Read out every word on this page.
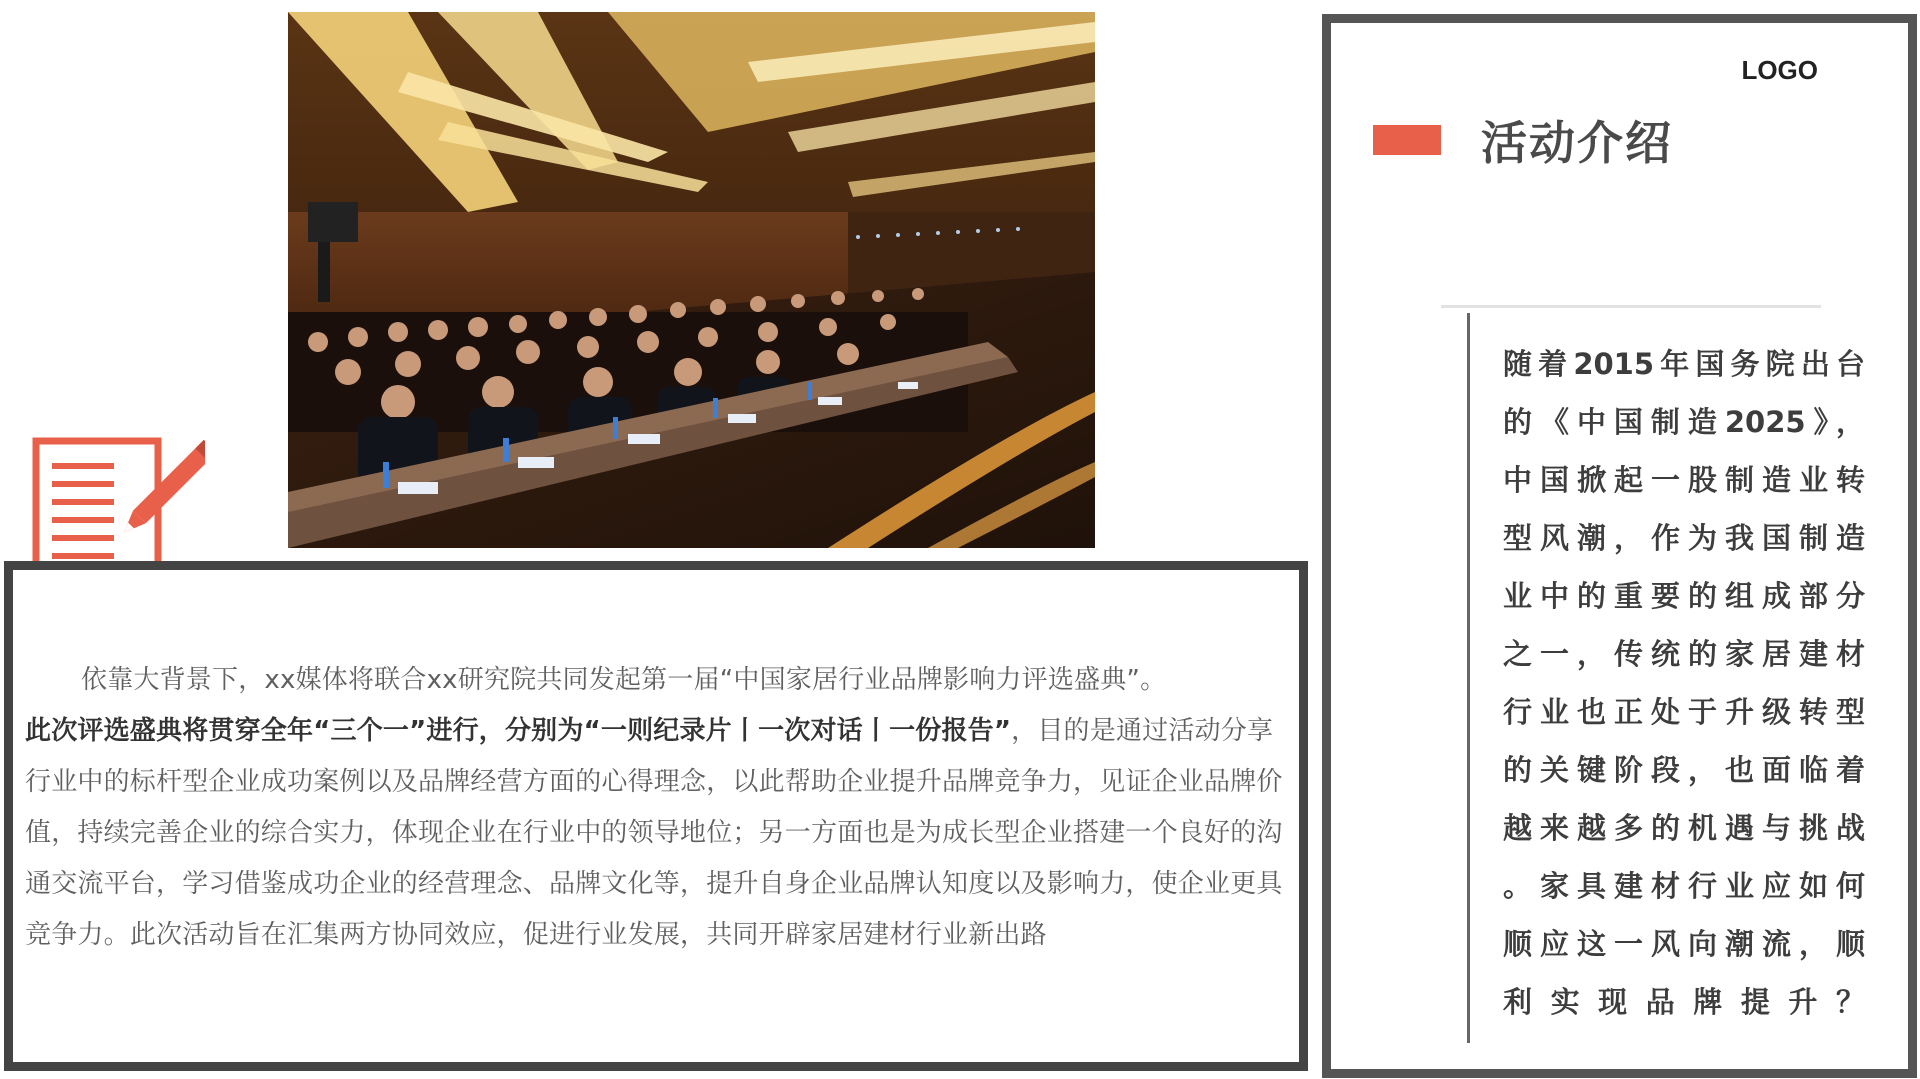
依靠大背景下，xx媒体将联合xx研究院共同发起第一届“中国家居行业品牌影响力评选盛典”。
此次评选盛典将贯穿全年“三个一”进行，分别为“一则纪录片丨一次对话丨一份报告”，目的是通过活动分享行业中的标杆型企业成功案例以及品牌经营方面的心得理念，以此帮助企业提升品牌竞争力，见证企业品牌价值，持续完善企业的综合实力，体现企业在行业中的领导地位；另一方面也是为成长型企业搭建一个良好的沟通交流平台，学习借鉴成功企业的经营理念、品牌文化等，提升自身企业品牌认知度以及影响力，使企业更具竞争力。此次活动旨在汇集两方协同效应，促进行业发展，共同开辟家居建材行业新出路
LOGO
活动介绍
随着2015年国务院出台
的《中国制造2025》，
中国掀起一股制造业转
型风潮，作为我国制造
业中的重要的组成部分
之一，传统的家居建材
行业也正处于升级转型
的关键阶段，也面临着
越来越多的机遇与挑战
。家具建材行业应如何
顺应这一风向潮流，顺
利 实 现 品 牌 提 升 ？
